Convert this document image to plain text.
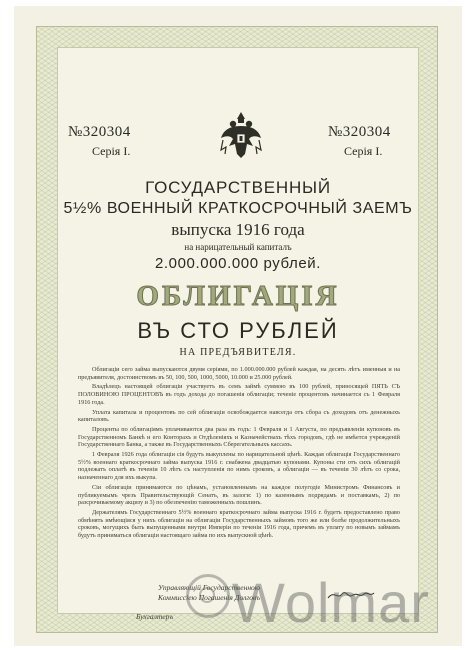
№320304
Серія I.
№320304
Серія I.
ГОСУДАРСТВЕННЫЙ
5½% ВОЕННЫЙ КРАТКОСРОЧНЫЙ ЗАЕМЪ
выпуска 1916 года
на нарицательный капиталъ
2.000.000.000 рублей.
ОБЛИГАЦІЯ
ВЪ СТО РУБЛЕЙ
НА ПРЕДЪЯВИТЕЛЯ.

Облигаціи сего займа выпускаются двумя серіями, по 1.000.000.000 рублей каждая, на десять лѣтъ именныя и на предъявителя, достоинствомъ въ 50, 100, 500, 1000, 5000, 10.000 и 25.000 рублей.

Владѣлецъ настоящей облигаціи участвуетъ въ семъ займѣ суммою въ 100 рублей, приносящей ПЯТЬ СЪ ПОЛОВИНОЮ ПРОЦЕНТОВЪ въ годъ дохода до погашенія облигаціи; теченіе процентовъ начинается съ 1 Февраля 1916 года.

Уплата капитала и процентовъ по сей облигаціи освобождается навсегда отъ сбора съ доходовъ отъ денежныхъ капиталовъ.

Проценты по облигаціямъ уплачиваются два раза въ годъ: 1 Февраля и 1 Августа, по предъявленіи купоновъ въ Государственномъ Банкѣ и его Конторахъ и Отдѣленіяхъ и Казначействахъ тѣхъ городовъ, гдѣ не имѣется учрежденій Государственнаго Банка, а также въ Государственныхъ Сберегательныхъ кассахъ.

1 Февраля 1926 года облигаціи сія будутъ выкуплены по нарицательной цѣнѣ. Каждая облигація Государственнаго 5½% военнаго краткосрочнаго займа выпуска 1916 г. снабжена двадцатью купонами. Купоны сти отъ сихъ облигацій подлежатъ оплатѣ въ теченіи 10 лѣтъ съ наступленія по нимъ сроковъ, а облигаціи — въ теченіи 30 лѣтъ со срока, назначеннаго для ихъ выкупа.

Сіи облигаціи принимаются по цѣнамъ, установленнымъ на каждое полугодіе Министромъ Финансовъ и публикуемымъ чрезъ Правительствующій Сенатъ, въ залоги: 1) по казеннымъ подрядамъ и поставкамъ, 2) по разсрочиваемому акцизу и 3) по обезпеченію таможенныхъ пошлинъ.

Держателямъ Государственнаго 5½% военнаго краткосрочнаго займа выпуска 1916 г. будетъ предоставлено право обмѣнять имѣющіяся у нихъ облигаціи на облигаціи Государственныхъ займовъ того же или болѣе продолжительныхъ сроковъ, могущихъ быть выпущенными внутри Имперіи по теченіи 1916 года, причемъ въ уплату по новымъ займамъ будутъ приниматься облигаціи настоящаго займа по ихъ выпускной цѣнѣ.

Управляющій Государственною
Коммиссіею Погашенія Долговъ
Бухгалтеръ Wolmar
